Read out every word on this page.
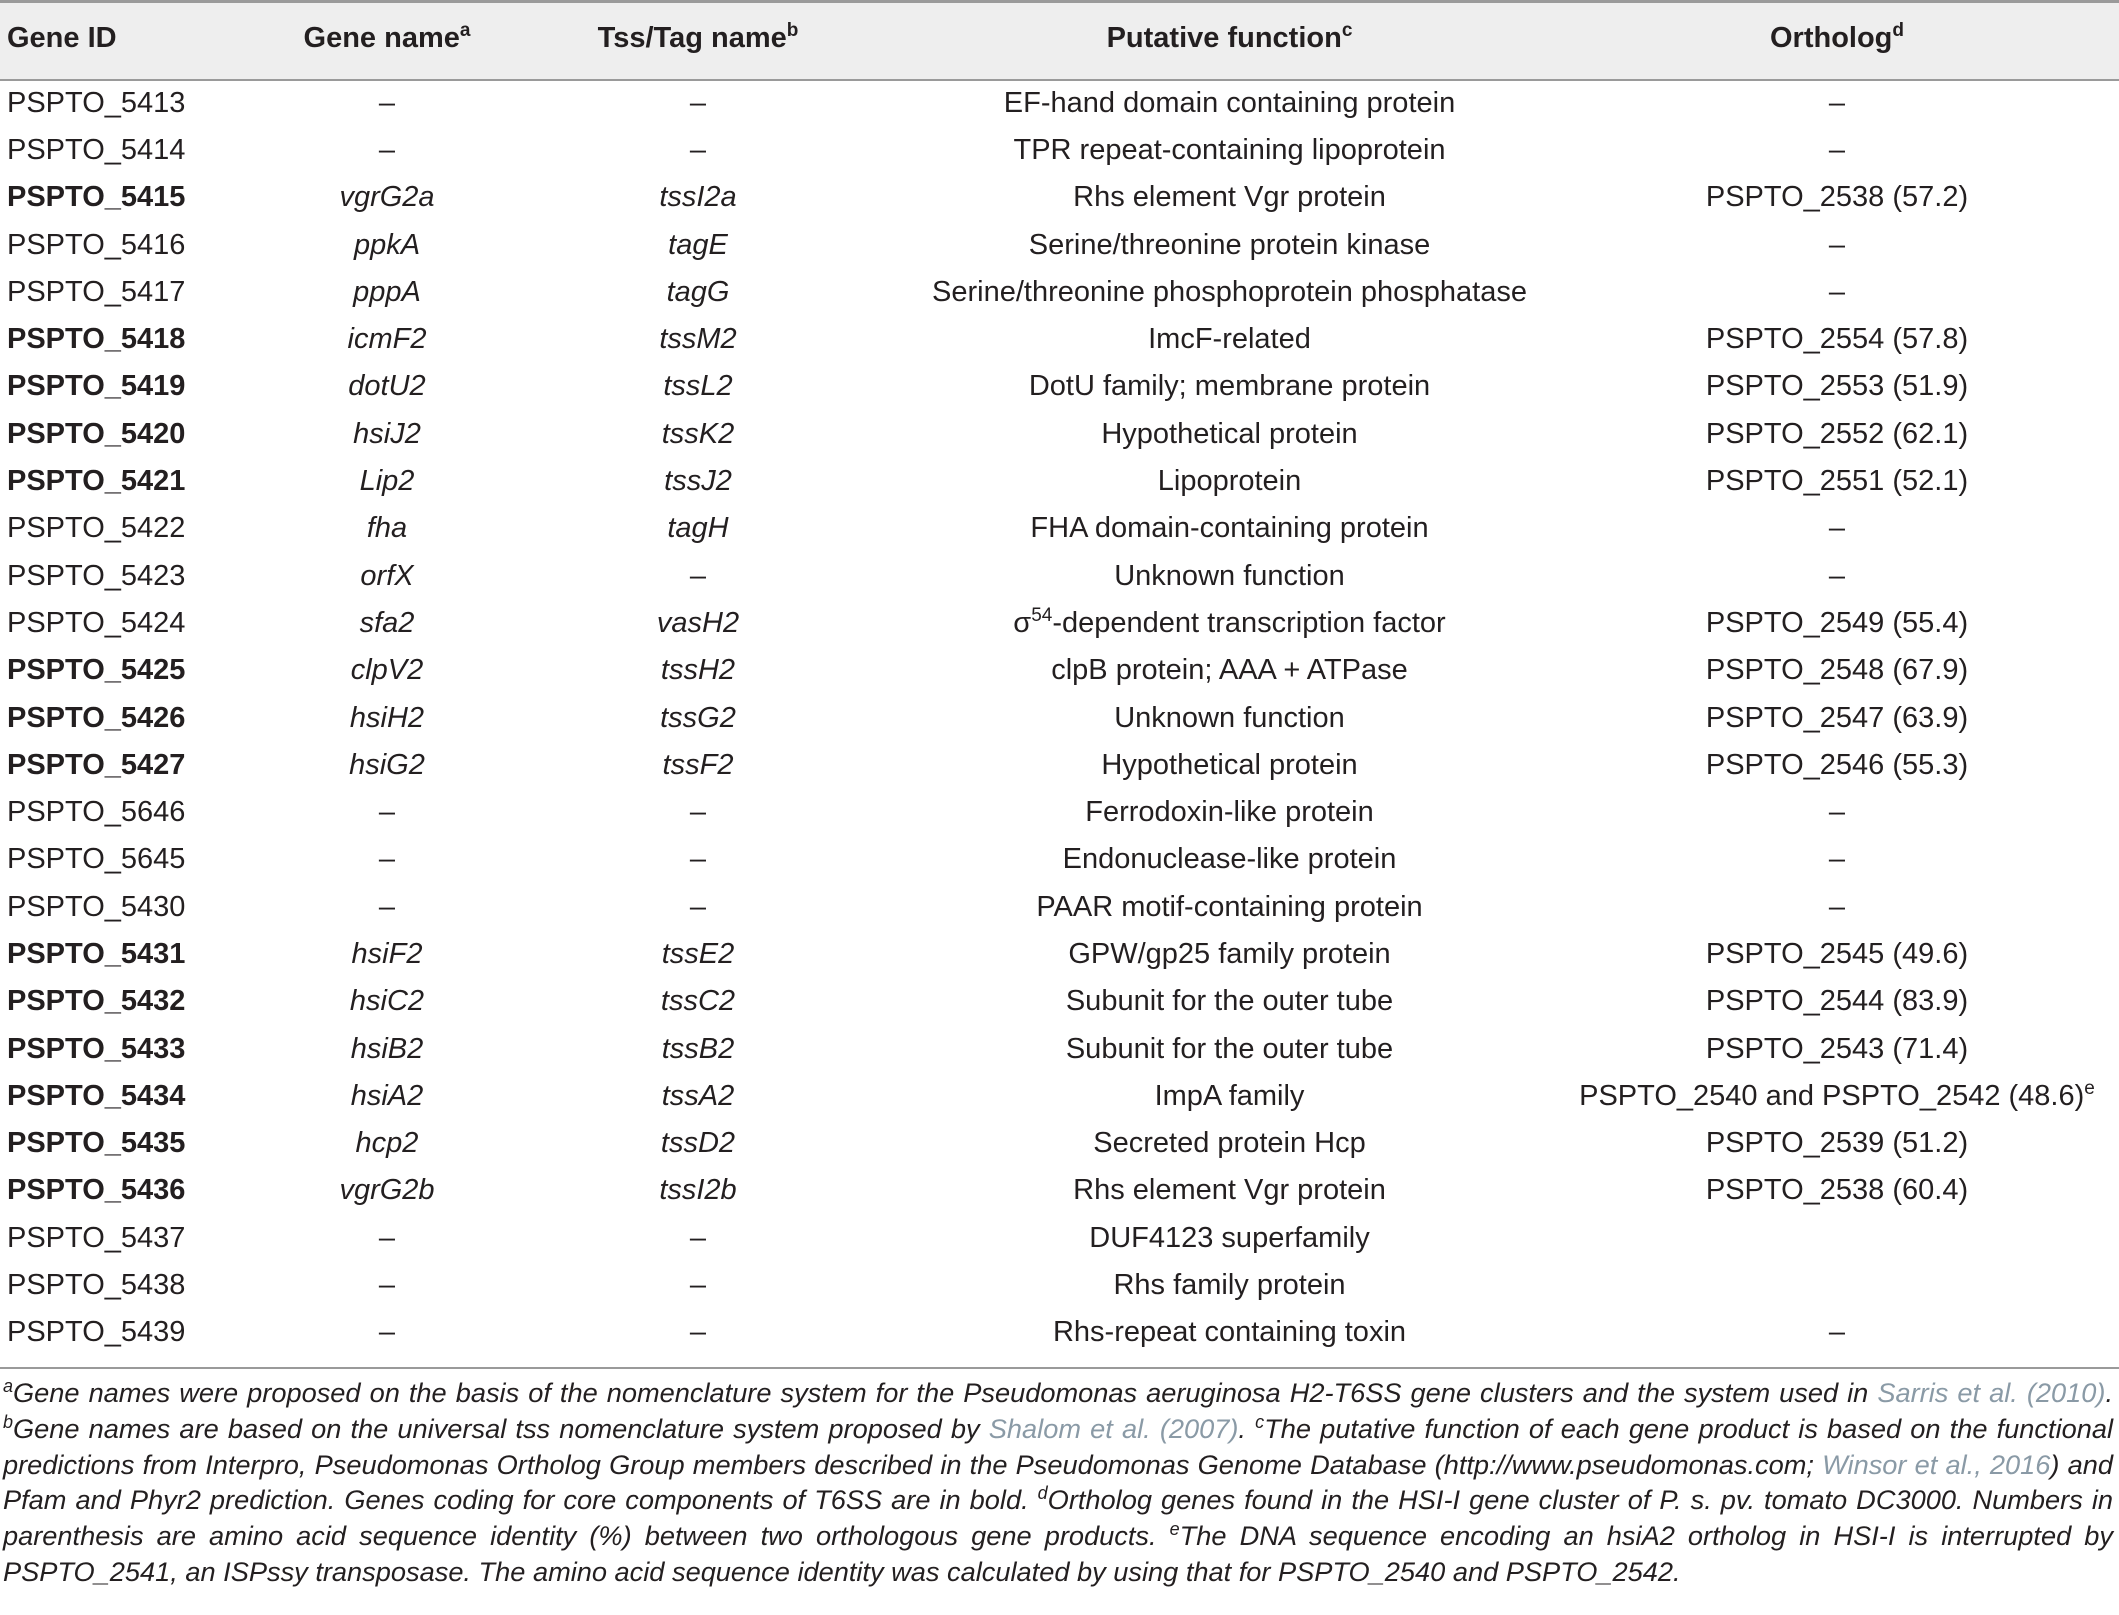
Gene ID	Gene name$^a$	Tss/Tag name$^b$	Putative function$^c$	Ortholog$^d$
PSPTO_5413	–	–	EF-hand domain containing protein	–
PSPTO_5414	–	–	TPR repeat-containing lipoprotein	–
PSPTO_5415	vgrG2a	tssI2a	Rhs element Vgr protein	PSPTO_2538 (57.2)
PSPTO_5416	ppkA	tagE	Serine/threonine protein kinase	–
PSPTO_5417	pppA	tagG	Serine/threonine phosphoprotein phosphatase	–
PSPTO_5418	icmF2	tssM2	ImcF-related	PSPTO_2554 (57.8)
PSPTO_5419	dotU2	tssL2	DotU family; membrane protein	PSPTO_2553 (51.9)
PSPTO_5420	hsiJ2	tssK2	Hypothetical protein	PSPTO_2552 (62.1)
PSPTO_5421	Lip2	tssJ2	Lipoprotein	PSPTO_2551 (52.1)
PSPTO_5422	fha	tagH	FHA domain-containing protein	–
PSPTO_5423	orfX	–	Unknown function	–
PSPTO_5424	sfa2	vasH2	$\sigma^{54}$-dependent transcription factor	PSPTO_2549 (55.4)
PSPTO_5425	clpV2	tssH2	clpB protein; AAA + ATPase	PSPTO_2548 (67.9)
PSPTO_5426	hsiH2	tssG2	Unknown function	PSPTO_2547 (63.9)
PSPTO_5427	hsiG2	tssF2	Hypothetical protein	PSPTO_2546 (55.3)
PSPTO_5646	–	–	Ferrodoxin-like protein	–
PSPTO_5645	–	–	Endonuclease-like protein	–
PSPTO_5430	–	–	PAAR motif-containing protein	–
PSPTO_5431	hsiF2	tssE2	GPW/gp25 family protein	PSPTO_2545 (49.6)
PSPTO_5432	hsiC2	tssC2	Subunit for the outer tube	PSPTO_2544 (83.9)
PSPTO_5433	hsiB2	tssB2	Subunit for the outer tube	PSPTO_2543 (71.4)
PSPTO_5434	hsiA2	tssA2	ImpA family	PSPTO_2540 and PSPTO_2542 $(48.6)^e$
PSPTO_5435	hcp2	tssD2	Secreted protein Hcp	PSPTO_2539 (51.2)
PSPTO_5436	vgrG2b	tssI2b	Rhs element Vgr protein	PSPTO_2538 (60.4)
PSPTO_5437	–	–	DUF4123 superfamily	
PSPTO_5438	–	–	Rhs family protein	
PSPTO_5439	–	–	Rhs-repeat containing toxin	–
$^a$Gene names were proposed on the basis of the nomenclature system for the Pseudomonas aeruginosa H2-T6SS gene clusters and the system used in Sarris et al. (2010). $^b$Gene names are based on the universal tss nomenclature system proposed by Shalom et al. (2007). $^c$The putative function of each gene product is based on the functional predictions from Interpro, Pseudomonas Ortholog Group members described in the Pseudomonas Genome Database (http://www.pseudomonas.com; Winsor et al., 2016) and Pfam and Phyr2 prediction. Genes coding for core components of T6SS are in bold. $^d$Ortholog genes found in the HSI-I gene cluster of P. s. pv. tomato DC3000. Numbers in parenthesis are amino acid sequence identity (%) between two orthologous gene products. $^e$The DNA sequence encoding an hsiA2 ortholog in HSI-I is interrupted by PSPTO_2541, an ISPssy transposase. The amino acid sequence identity was calculated by using that for PSPTO_2540 and PSPTO_2542.
